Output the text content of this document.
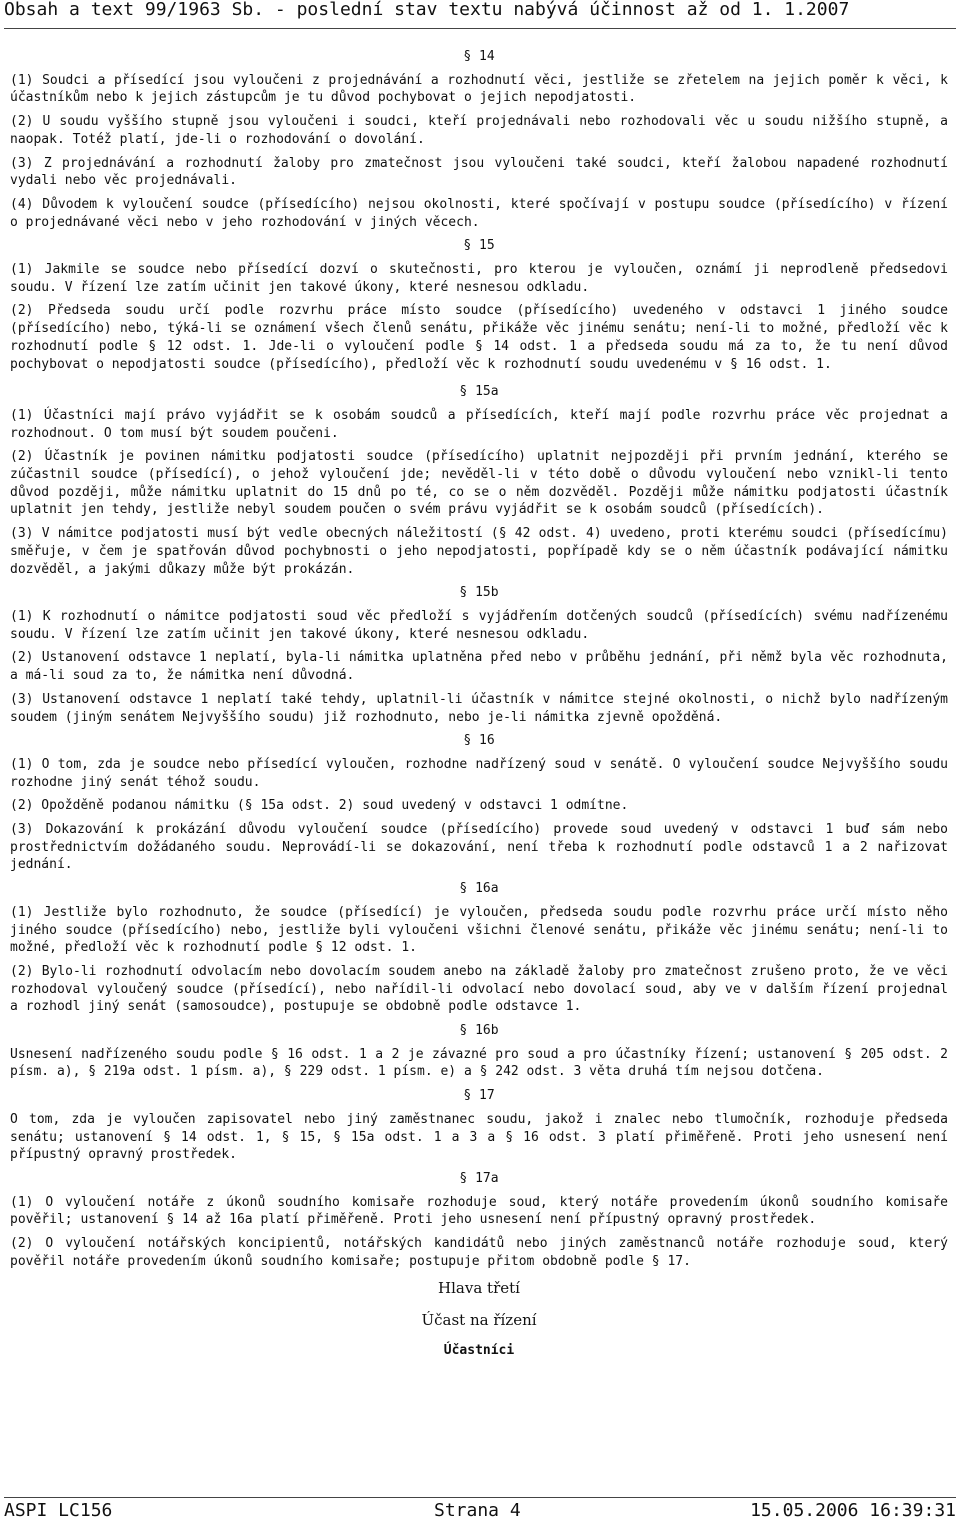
Obsah a text 99/1963 Sb. - poslední stav textu nabývá účinnost až od 1. 1.2007
§ 14

(1) Soudci a přísedící jsou vyloučeni z projednávání a rozhodnutí věci, jestliže se zřetelem na jejich poměr k věci, k účastníkům nebo k jejich zástupcům je tu důvod pochybovat o jejich nepodjatosti.

(2) U soudu vyššího stupně jsou vyloučeni i soudci, kteří projednávali nebo rozhodovali věc u soudu nižšího stupně, a naopak. Totéž platí, jde-li o rozhodování o dovolání.

(3) Z projednávání a rozhodnutí žaloby pro zmatečnost jsou vyloučeni také soudci, kteří žalobou napadené rozhodnutí vydali nebo věc projednávali.

(4) Důvodem k vyloučení soudce (přísedícího) nejsou okolnosti, které spočívají v postupu soudce (přísedícího) v řízení o projednávané věci nebo v jeho rozhodování v jiných věcech.

§ 15

(1) Jakmile se soudce nebo přísedící dozví o skutečnosti, pro kterou je vyloučen, oznámí ji neprodleně předsedovi soudu. V řízení lze zatím učinit jen takové úkony, které nesnesou odkladu.

(2) Předseda soudu určí podle rozvrhu práce místo soudce (přísedícího) uvedeného v odstavci 1 jiného soudce (přísedícího) nebo, týká-li se oznámení všech členů senátu, přikáže věc jinému senátu; není-li to možné, předloží věc k rozhodnutí podle § 12 odst. 1. Jde-li o vyloučení podle § 14 odst. 1 a předseda soudu má za to, že tu není důvod pochybovat o nepodjatosti soudce (přísedícího), předloží věc k rozhodnutí soudu uvedenému v § 16 odst. 1.

§ 15a

(1) Účastníci mají právo vyjádřit se k osobám soudců a přísedících, kteří mají podle rozvrhu práce věc projednat a rozhodnout. O tom musí být soudem poučeni.

(2) Účastník je povinen námitku podjatosti soudce (přísedícího) uplatnit nejpozději při prvním jednání, kterého se zúčastnil soudce (přísedící), o jehož vyloučení jde; nevěděl-li v této době o důvodu vyloučení nebo vznikl-li tento důvod později, může námitku uplatnit do 15 dnů po té, co se o něm dozvěděl. Později může námitku podjatosti účastník uplatnit jen tehdy, jestliže nebyl soudem poučen o svém právu vyjádřit se k osobám soudců (přísedících).

(3) V námitce podjatosti musí být vedle obecných náležitostí (§ 42 odst. 4) uvedeno, proti kterému soudci (přísedícímu) směřuje, v čem je spatřován důvod pochybnosti o jeho nepodjatosti, popřípadě kdy se o něm účastník podávající námitku dozvěděl, a jakými důkazy může být prokázán.

§ 15b

(1) K rozhodnutí o námitce podjatosti soud věc předloží s vyjádřením dotčených soudců (přísedících) svému nadřízenému soudu. V řízení lze zatím učinit jen takové úkony, které nesnesou odkladu.

(2) Ustanovení odstavce 1 neplatí, byla-li námitka uplatněna před nebo v průběhu jednání, při němž byla věc rozhodnuta, a má-li soud za to, že námitka není důvodná.

(3) Ustanovení odstavce 1 neplatí také tehdy, uplatnil-li účastník v námitce stejné okolnosti, o nichž bylo nadřízeným soudem (jiným senátem Nejvyššího soudu) již rozhodnuto, nebo je-li námitka zjevně opožděná.

§ 16

(1) O tom, zda je soudce nebo přísedící vyloučen, rozhodne nadřízený soud v senátě. O vyloučení soudce Nejvyššího soudu rozhodne jiný senát téhož soudu.

(2) Opožděně podanou námitku (§ 15a odst. 2) soud uvedený v odstavci 1 odmítne.

(3) Dokazování k prokázání důvodu vyloučení soudce (přísedícího) provede soud uvedený v odstavci 1 buď sám nebo prostřednictvím dožádaného soudu. Neprovádí-li se dokazování, není třeba k rozhodnutí podle odstavců 1 a 2 nařizovat jednání.

§ 16a

(1) Jestliže bylo rozhodnuto, že soudce (přísedící) je vyloučen, předseda soudu podle rozvrhu práce určí místo něho jiného soudce (přísedícího) nebo, jestliže byli vyloučeni všichni členové senátu, přikáže věc jinému senátu; není-li to možné, předloží věc k rozhodnutí podle § 12 odst. 1.

(2) Bylo-li rozhodnutí odvolacím nebo dovolacím soudem anebo na základě žaloby pro zmatečnost zrušeno proto, že ve věci rozhodoval vyloučený soudce (přísedící), nebo nařídil-li odvolací nebo dovolací soud, aby ve v dalším řízení projednal a rozhodl jiný senát (samosoudce), postupuje se obdobně podle odstavce 1.

§ 16b

Usnesení nadřízeného soudu podle § 16 odst. 1 a 2 je závazné pro soud a pro účastníky řízení; ustanovení § 205 odst. 2 písm. a), § 219a odst. 1 písm. a), § 229 odst. 1 písm. e) a § 242 odst. 3 věta druhá tím nejsou dotčena.

§ 17

O tom, zda je vyloučen zapisovatel nebo jiný zaměstnanec soudu, jakož i znalec nebo tlumočník, rozhoduje předseda senátu; ustanovení § 14 odst. 1, § 15, § 15a odst. 1 a 3 a § 16 odst. 3 platí přiměřeně. Proti jeho usnesení není přípustný opravný prostředek.

§ 17a

(1) O vyloučení notáře z úkonů soudního komisaře rozhoduje soud, který notáře provedením úkonů soudního komisaře pověřil; ustanovení § 14 až 16a platí přiměřeně. Proti jeho usnesení není přípustný opravný prostředek.

(2) O vyloučení notářských koncipientů, notářských kandidátů nebo jiných zaměstnanců notáře rozhoduje soud, který pověřil notáře provedením úkonů soudního komisaře; postupuje přitom obdobně podle § 17.

Hlava třetí
Účast na řízení
Účastníci
ASPI LC156	Strana 4	15.05.2006 16:39:31
